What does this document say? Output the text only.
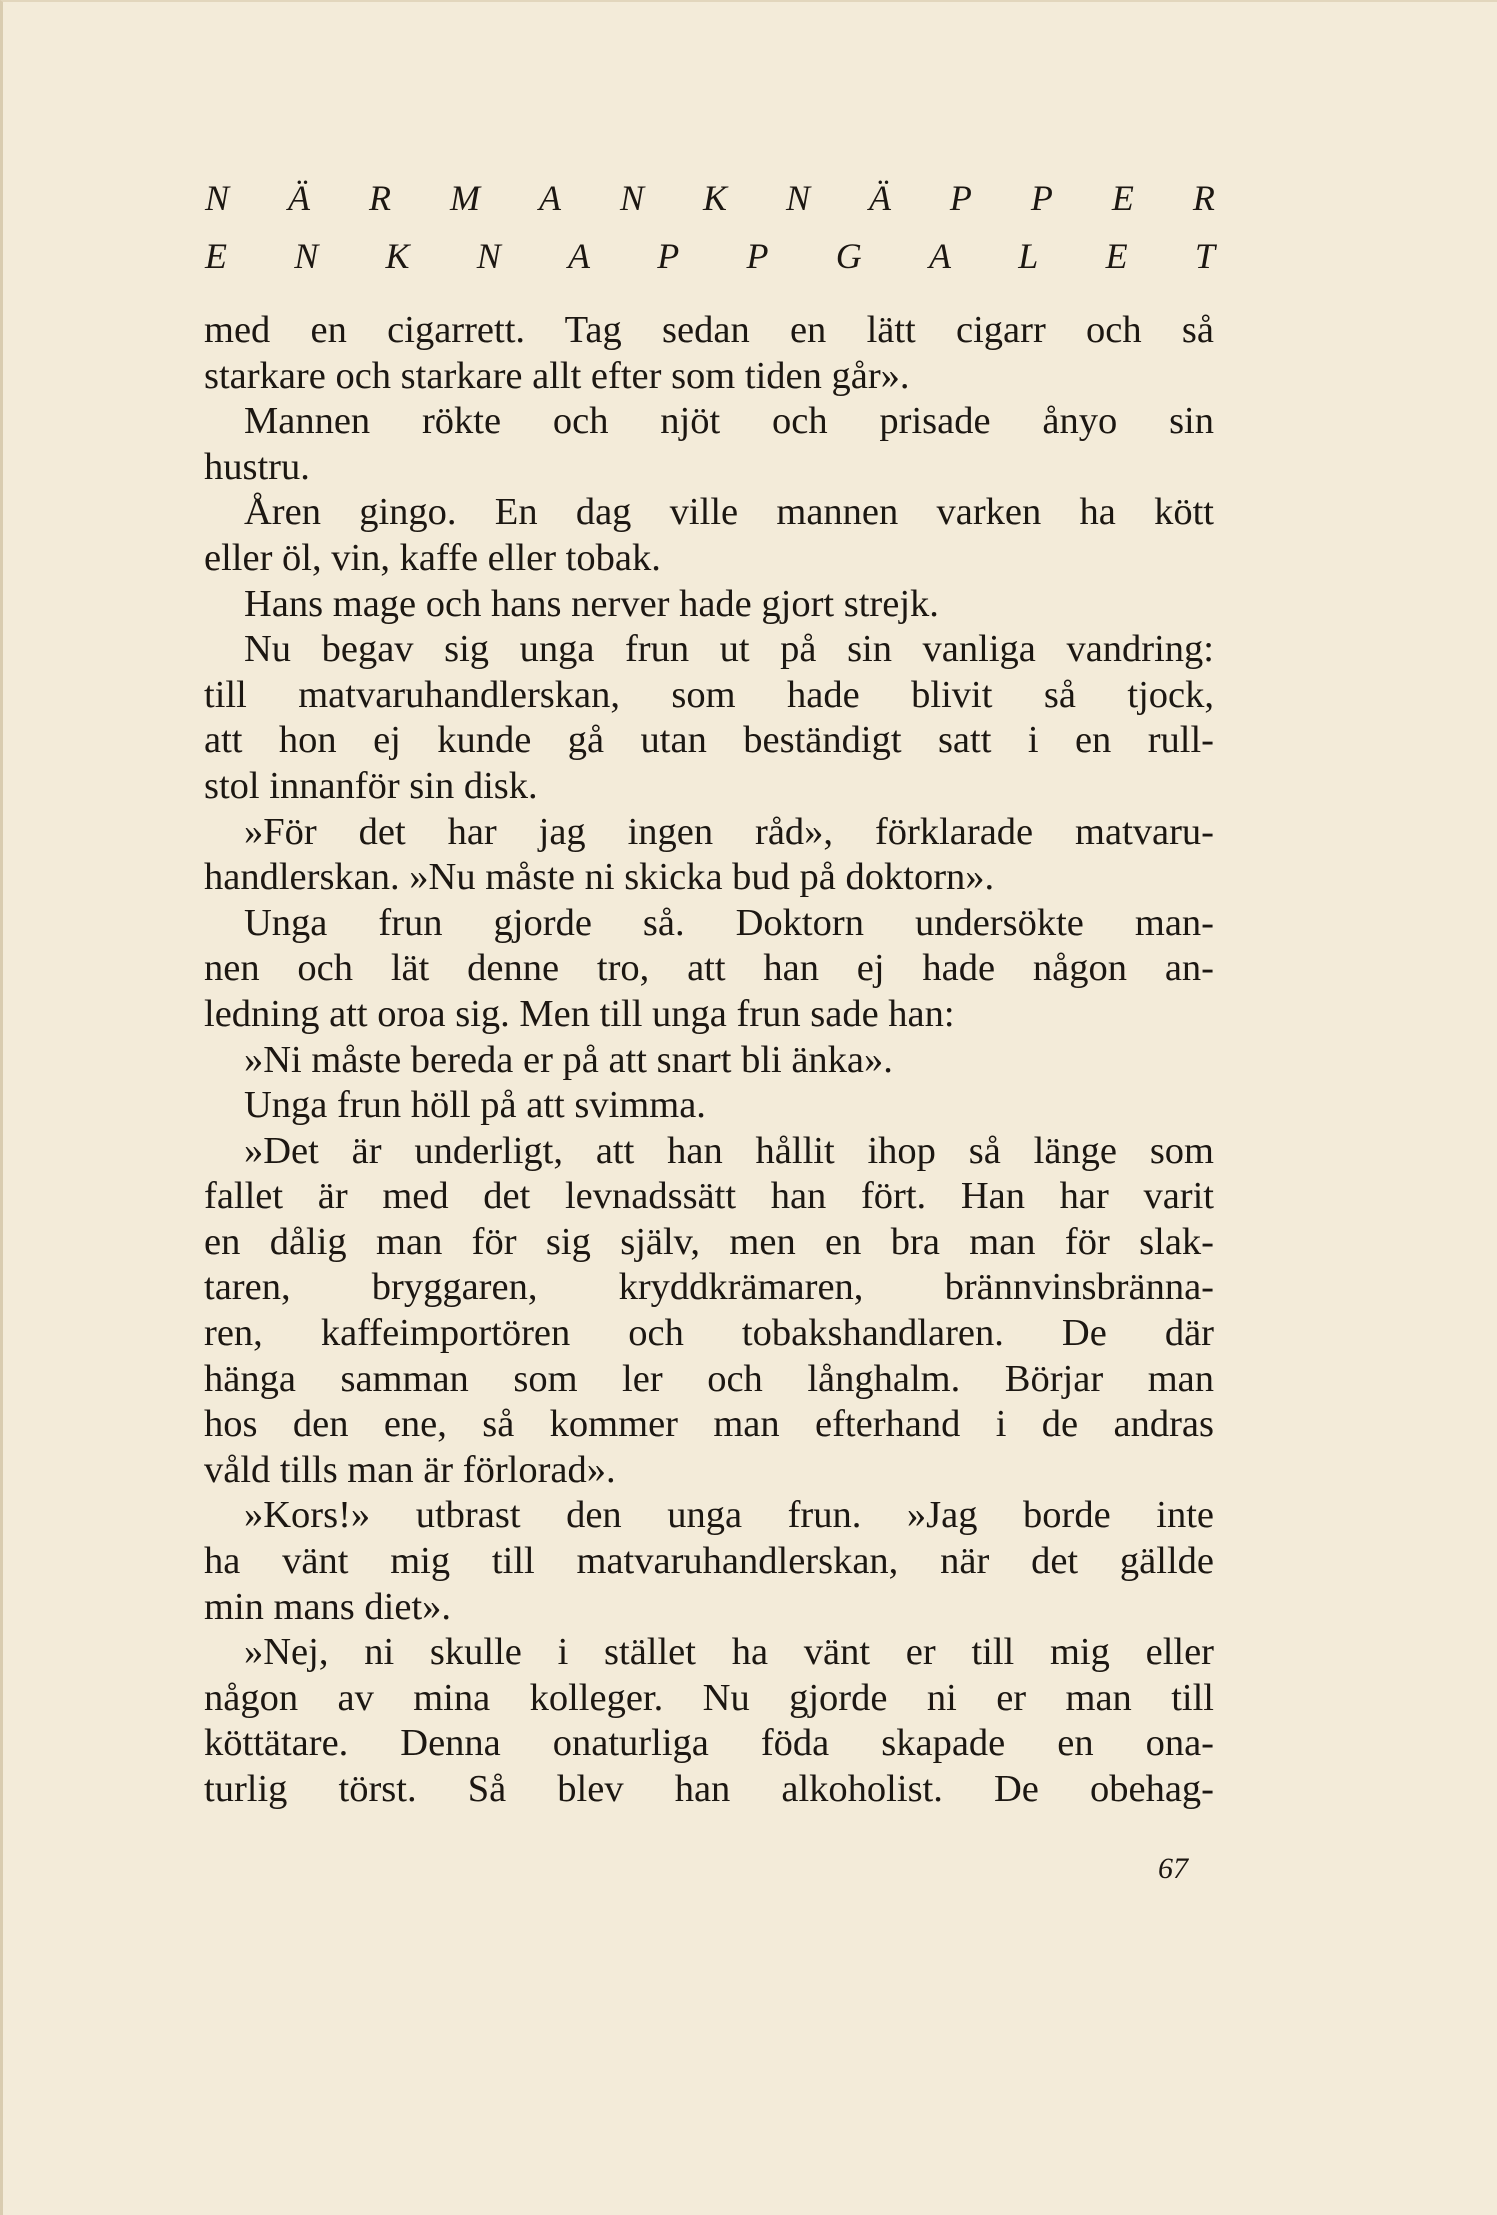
N Ä R M A N K N Ä P P E R
E N K N A P P G A L E T
med en cigarrett. Tag sedan en lätt cigarr och så
starkare och starkare allt efter som tiden går».
Mannen rökte och njöt och prisade ånyo sin
hustru.
Åren gingo. En dag ville mannen varken ha kött
eller öl, vin, kaffe eller tobak.
Hans mage och hans nerver hade gjort strejk.
Nu begav sig unga frun ut på sin vanliga vandring:
till matvaruhandlerskan, som hade blivit så tjock,
att hon ej kunde gå utan beständigt satt i en rull-
stol innanför sin disk.
»För det har jag ingen råd», förklarade matvaru-
handlerskan. »Nu måste ni skicka bud på doktorn».
Unga frun gjorde så. Doktorn undersökte man-
nen och lät denne tro, att han ej hade någon an-
ledning att oroa sig. Men till unga frun sade han:
»Ni måste bereda er på att snart bli änka».
Unga frun höll på att svimma.
»Det är underligt, att han hållit ihop så länge som
fallet är med det levnadssätt han fört. Han har varit
en dålig man för sig själv, men en bra man för slak-
taren, bryggaren, kryddkrämaren, brännvinsbränna-
ren, kaffeimportören och tobakshandlaren. De där
hänga samman som ler och långhalm. Börjar man
hos den ene, så kommer man efterhand i de andras
våld tills man är förlorad».
»Kors!» utbrast den unga frun. »Jag borde inte
ha vänt mig till matvaruhandlerskan, när det gällde
min mans diet».
»Nej, ni skulle i stället ha vänt er till mig eller
någon av mina kolleger. Nu gjorde ni er man till
köttätare. Denna onaturliga föda skapade en ona-
turlig törst. Så blev han alkoholist. De obehag-
67
